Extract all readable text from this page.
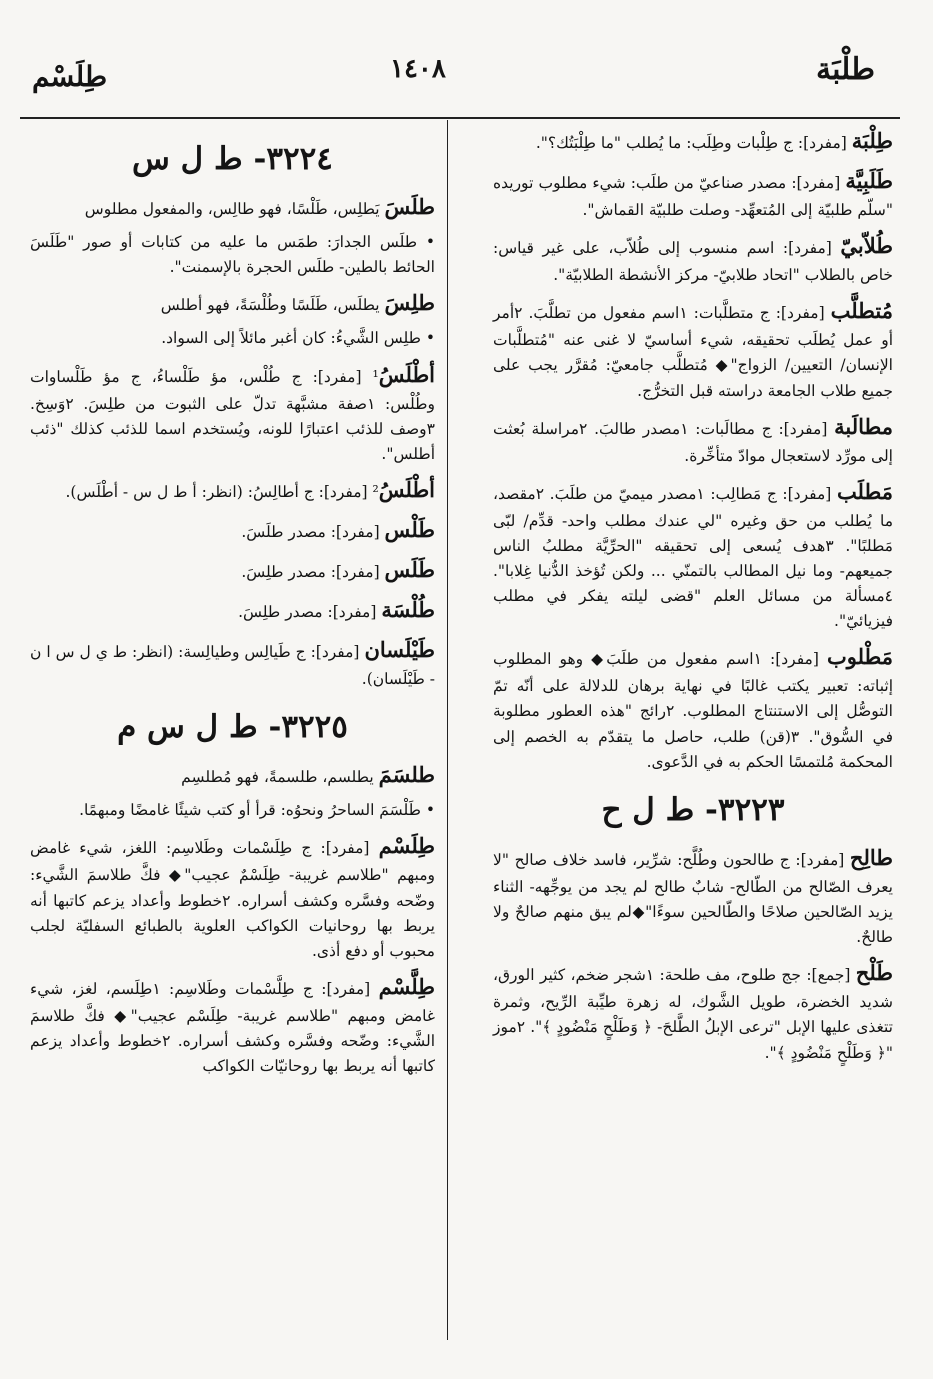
طلْبَة
١٤٠٨
طِلَسْم

طِلْبَة [مفرد]: ج طِلْبات وطِلَب: ما يُطلب "ما طِلْبَتُك؟".

طَلَبِيَّة [مفرد]: مصدر صناعيّ من طلَب: شيء مطلوب توريده "سلّم طلبيّة إلى المُتعهِّد- وصلت طلبيّة القماش".

طُلاّبيّ [مفرد]: اسم منسوب إلى طُلاّب، على غير قياس: خاص بالطلاب "اتحاد طلابيّ- مركز الأنشطة الطلابيّة".

مُتطلَّب [مفرد]: ج متطلَّبات: ١اسم مفعول من تطلَّبَ. ٢أمر أو عمل يُطلَب تحقيقه، شيء أساسيّ لا غنى عنه "مُتطلَّبات الإنسان/ التعيين/ الزواج"◆ مُتطلَّب جامعيّ: مُقرَّر يجب على جميع طلاب الجامعة دراسته قبل التخرُّج.

مطالَبة [مفرد]: ج مطالَبات: ١مصدر طالبَ. ٢مراسلة بُعثت إلى مورِّد لاستعجال موادّ متأخِّرة.

مَطلَب [مفرد]: ج مَطالِب: ١مصدر ميميّ من طلَبَ. ٢مقصد، ما يُطلب من حق وغيره "لي عندك مطلب واحد- قدِّم/ لبّى مَطلبًا". ٣هدف يُسعى إلى تحقيقه "الحرِّيَّة مطلبُ الناس جميعهم- وما نيل المطالب بالتمنّي ... ولكن تُؤخذ الدُّنيا غِلابا". ٤مسألة من مسائل العلم "قضى ليلته يفكر في مطلب فيزيائيّ".

مَطْلوب [مفرد]: ١اسم مفعول من طلَبَ◆ وهو المطلوب إثباته: تعبير يكتب غالبًا في نهاية برهان للدلالة على أنّه تمّ التوصُّل إلى الاستنتاج المطلوب. ٢رائج "هذه العطور مطلوبة في السُّوق". ٣(قن) طلب، حاصل ما يتقدّم به الخصم إلى المحكمة مُلتمسًا الحكم به في الدَّعوى.

٣٢٢٣- ط ل ح

طالِح [مفرد]: ج طالحون وطُلَّح: شرِّير، فاسد خلاف صالح "لا يعرف الصّالح من الطّالح- شابٌ طالح لم يجد من يوجِّهه- الثناء يزيد الصّالحين صلاحًا والطّالحين سوءًا"◆لم يبق منهم صالحٌ ولا طالحٌ.

طَلْح [جمع]: جج طلوح، مف طلحة: ١شجر ضخم، كثير الورق، شديد الخضرة، طويل الشَّوك، له زهرة طيِّبة الرِّيح، وثمرة تتغذى عليها الإبل "ترعى الإبلُ الطَّلحَ- ﴿ وَطَلْحٍ مَنْضُودٍ ﴾". ٢موز "﴿ وَطَلْحٍ مَنْضُودٍ ﴾".

٣٢٢٤- ط ل س

طلَسَ يَطلِس، طَلْسًا، فهو طالِس، والمفعول مطلوس

• طلَس الجدارَ: طمَس ما عليه من كتابات أو صور "طَلَسَ الحائط بالطين- طلَس الحجرة بالإسمنت".

طلِسَ يطلَس، طَلَسًا وطُلْسَةً، فهو أطلس

• طلِس الشَّيءُ: كان أغبر مائلاً إلى السواد.

أطْلَسُ¹ [مفرد]: ج طُلْس، مؤ طَلْساءُ، ج مؤ طَلْساوات وطُلْس: ١صفة مشبَّهة تدلّ على الثبوت من طلِسَ. ٢وَسِخ. ٣وصف للذئب اعتبارًا للونه، ويُستخدم اسما للذئب كذلك "ذئب أطلس".

أطْلَسُ² [مفرد]: ج أطالِسُ: (انظر: أ ط ل س - أطْلَس).

طَلْس [مفرد]: مصدر طلَسَ.

طَلَس [مفرد]: مصدر طلِسَ.

طُلْسَة [مفرد]: مصدر طلِسَ.

طَيْلَسان [مفرد]: ج طَيالِس وطيالِسة: (انظر: ط ي ل س ا ن - طَيْلَسان).

٣٢٢٥- ط ل س م

طلسَمَ يطلسم، طلسمةً، فهو مُطلسِم

• طَلْسَمَ الساحرُ ونحوُه: قرأ أو كتب شيئًا غامضًا ومبهمًا.

طِلَسْم [مفرد]: ج طِلَسْمات وطَلاسِم: اللغز، شيء غامض ومبهم "طلاسم غريبة- طِلَسْمٌ عجيب"◆ فكَّ طلاسمَ الشَّيء: وضّحه وفسَّره وكشف أسراره. ٢خطوط وأعداد يزعم كاتبها أنه يربط بها روحانيات الكواكب العلوية بالطبائع السفليّة لجلب محبوب أو دفع أذى.

طِلَّسْم [مفرد]: ج طِلَّسْمات وطَلاسِم: ١طِلَسم، لغز، شيء غامض ومبهم "طلاسم غريبة- طِلَسْم عجيب"◆ فكَّ طلاسمَ الشَّيء: وضّحه وفسَّره وكشف أسراره. ٢خطوط وأعداد يزعم كاتبها أنه يربط بها روحانيّات الكواكب
